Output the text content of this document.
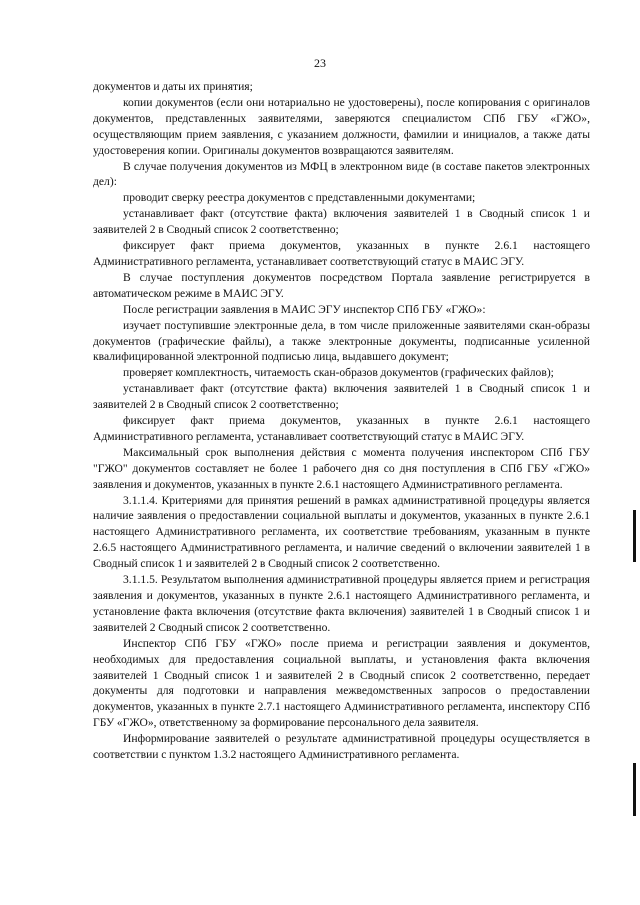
23

документов и даты их принятия;

копии документов (если они нотариально не удостоверены), после копирования с оригиналов документов, представленных заявителями, заверяются специалистом СПб ГБУ «ГЖО», осуществляющим прием заявления, с указанием должности, фамилии и инициалов, а также даты удостоверения копии. Оригиналы документов возвращаются заявителям.

В случае получения документов из МФЦ в электронном виде (в составе пакетов электронных дел):

проводит сверку реестра документов с представленными документами;

устанавливает факт (отсутствие факта) включения заявителей 1 в Сводный список 1 и заявителей 2 в Сводный список 2 соответственно;

фиксирует факт приема документов, указанных в пункте 2.6.1 настоящего Административного регламента, устанавливает соответствующий статус в МАИС ЭГУ.

В случае поступления документов посредством Портала заявление регистрируется в автоматическом режиме в МАИС ЭГУ.

После регистрации заявления в МАИС ЭГУ инспектор СПб ГБУ «ГЖО»:

изучает поступившие электронные дела, в том числе приложенные заявителями скан-образы документов (графические файлы), а также электронные документы, подписанные усиленной квалифицированной электронной подписью лица, выдавшего документ;

проверяет комплектность, читаемость скан-образов документов (графических файлов);

устанавливает факт (отсутствие факта) включения заявителей 1 в Сводный список 1 и заявителей 2 в Сводный список 2 соответственно;

фиксирует факт приема документов, указанных в пункте 2.6.1 настоящего Административного регламента, устанавливает соответствующий статус в МАИС ЭГУ.

Максимальный срок выполнения действия с момента получения инспектором СПб ГБУ "ГЖО" документов составляет не более 1 рабочего дня со дня поступления в СПб ГБУ «ГЖО» заявления и документов, указанных в пункте 2.6.1 настоящего Административного регламента.

3.1.1.4. Критериями для принятия решений в рамках административной процедуры является наличие заявления о предоставлении социальной выплаты и документов, указанных в пункте 2.6.1 настоящего Административного регламента, их соответствие требованиям, указанным в пункте 2.6.5 настоящего Административного регламента, и наличие сведений о включении заявителей 1 в Сводный список 1 и заявителей 2 в Сводный список 2 соответственно.

3.1.1.5. Результатом выполнения административной процедуры является прием и регистрация заявления и документов, указанных в пункте 2.6.1 настоящего Административного регламента, и установление факта включения (отсутствие факта включения) заявителей 1 в Сводный список 1 и заявителей 2 Сводный список 2 соответственно.

Инспектор СПб ГБУ «ГЖО» после приема и регистрации заявления и документов, необходимых для предоставления социальной выплаты, и установления факта включения заявителей 1 Сводный список 1 и заявителей 2 в Сводный список 2 соответственно, передает документы для подготовки и направления межведомственных запросов о предоставлении документов, указанных в пункте 2.7.1 настоящего Административного регламента, инспектору СПб ГБУ «ГЖО», ответственному за формирование персонального дела заявителя.

Информирование заявителей о результате административной процедуры осуществляется в соответствии с пунктом 1.3.2 настоящего Административного регламента.
